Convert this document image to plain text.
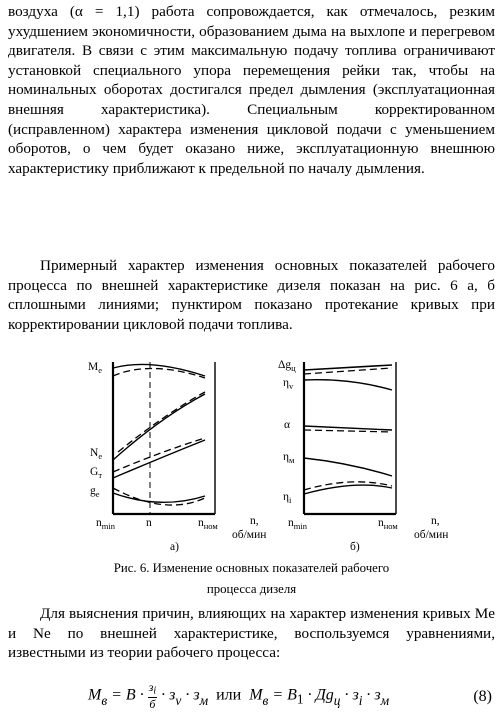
воздуха (α = 1,1) работа сопровождается, как отмечалось, резким ухудшением экономичности, образованием дыма на выхлопе и перегревом двигателя. В связи с этим максимальную подачу топлива ограничивают установкой специального упора перемещения рейки так, чтобы на номинальных оборотах достигался предел дымления (эксплуатационная внешняя характеристика). Специальным корректированном (исправленном) характера изменения цикловой подачи с уменьшением оборотов, о чем будет оказано ниже, эксплуатационную внешнюю характеристику приближают к предельной по началу дымления.

Примерный характер изменения основных показателей рабочего процесса по внешней характеристике дизеля показан на рис. 6 а, б сплошными линиями; пунктиром показано протекание кривых при корректировании цикловой подачи топлива.

$M_e$
$N_e$
$G_т$
$g_e$
$n_{min}$	n	$n_{ном}$	n,
об/мин
а)
$\Delta g_ц$
$\eta_v$
α
$\eta_м$
$\eta_i$
$n_{min}$	$n_{ном}$	n,
об/мин
б)
Рис. 6. Изменение основных показателей рабочего
процесса дизеля

Для выяснения причин, влияющих на характер изменения кривых Mе и Nе по внешней характеристике, воспользуемся уравнениями, известными из теории рабочего процесса:

$M_в = B \cdot \frac{з_i}{б} \cdot з_v \cdot з_м$ или $M_в = B_1 \cdot Дg_ц \cdot з_i \cdot з_м$	(8)
